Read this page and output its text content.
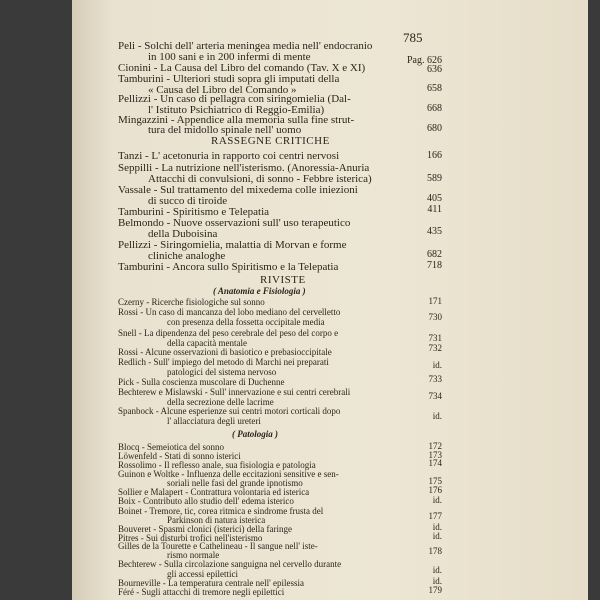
785
Peli - Solchi dell' arteria meningea media nell' endocranio
in 100 sani e in 200 infermi di mente	Pag. 626
Cionini - La Causa del Libro del comando (Tav. X e XI)	636
Tamburini - Ulteriori studi sopra gli imputati della
« Causa del Libro del Comando »	658
Pellizzi - Un caso di pellagra con siringomielia (Dal-
l' Istituto Psichiatrico di Reggio-Emilia)	668
Mingazzini - Appendice alla memoria sulla fine strut-
tura del midollo spinale nell' uomo	680
RASSEGNE CRITICHE
Tanzi - L' acetonuria in rapporto coi centri nervosi	166
Seppilli - La nutrizione nell'isterismo. (Anoressia-Anuria
Attacchi di convulsioni, di sonno - Febbre isterica)	589
Vassale - Sul trattamento del mixedema colle iniezioni
di succo di tiroide	405
Tamburini - Spiritismo e Telepatia	411
Belmondo - Nuove osservazioni sull' uso terapeutico
della Duboisina	435
Pellizzi - Siringomielia, malattia di Morvan e forme
cliniche analoghe	682
Tamburini - Ancora sullo Spiritismo e la Telepatia	718
RIVISTE
( Anatomia e Fisiologia )
Czerny - Ricerche fisiologiche sul sonno	171
Rossi - Un caso di mancanza del lobo mediano del cervelletto
con presenza della fossetta occipitale media
730
Snell - La dipendenza del peso cerebrale del peso del corpo e
della capacità mentale	731
Rossi - Alcune osservazioni di basiotico e prebasioccipitale	732
Redlich - Sull' impiego del metodo di Marchi nei preparati
patologici del sistema nervoso
id.
Pick - Sulla coscienza muscolare di Duchenne	733
Bechterew e Mislawski - Sull' innervazione e sui centri cerebrali
della secrezione delle lacrime
734
Spanbock - Alcune esperienze sui centri motori corticali dopo
l' allacciatura degli ureteri
id.
( Patologia )
Blocq - Semeiotica del sonno	172
Löwenfeld - Stati di sonno isterici	173
Rossolimo - Il reflesso anale, sua fisiologia e patologia	174
Guinon e Woltke - Influenza delle eccitazioni sensitive e sen-
soriali nelle fasi del grande ipnotismo	175
Sollier e Malapert - Contrattura volontaria ed isterica	176
Boix - Contributo allo studio dell' edema isterico	id.
Boinet - Tremore, tic, corea ritmica e sindrome frusta del
Parkinson di natura isterica	177
Bouveret - Spasmi clonici (isterici) della faringe	id.
Pitres - Sui disturbi trofici nell'isterismo	id.
Gilles de la Tourette e Cathelineau - Il sangue nell' iste-
rismo normale	178
Bechterew - Sulla circolazione sanguigna nel cervello durante
gli accessi epilettici	id.
Bourneville - La temperatura centrale nell' epilessia	id.
Féré - Sugli attacchi di tremore negli epilettici	179
